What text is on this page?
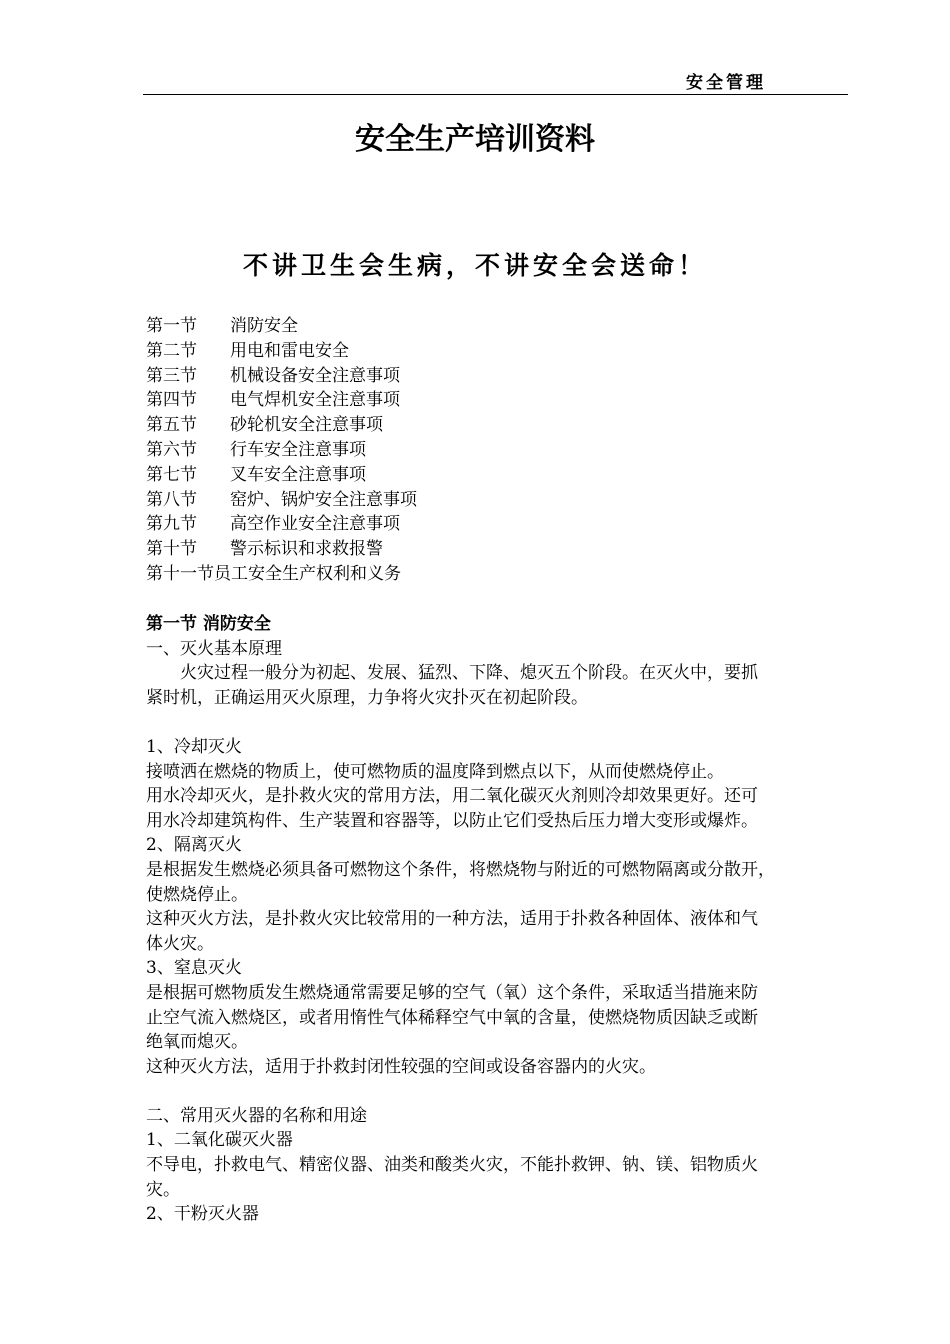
安全管理
安全生产培训资料
不讲卫生会生病，不讲安全会送命！
第一节 消防安全
第二节 用电和雷电安全
第三节 机械设备安全注意事项
第四节 电气焊机安全注意事项
第五节 砂轮机安全注意事项
第六节 行车安全注意事项
第七节 叉车安全注意事项
第八节 窑炉、锅炉安全注意事项
第九节 高空作业安全注意事项
第十节 警示标识和求救报警
第十一节员工安全生产权利和义务
第一节 消防安全
一、灭火基本原理
火灾过程一般分为初起、发展、猛烈、下降、熄灭五个阶段。在灭火中，要抓
紧时机，正确运用灭火原理，力争将火灾扑灭在初起阶段。
1、冷却灭火
接喷洒在燃烧的物质上，使可燃物质的温度降到燃点以下，从而使燃烧停止。
用水冷却灭火，是扑救火灾的常用方法，用二氧化碳灭火剂则冷却效果更好。还可
用水冷却建筑构件、生产装置和容器等，以防止它们受热后压力增大变形或爆炸。
2、隔离灭火
是根据发生燃烧必须具备可燃物这个条件，将燃烧物与附近的可燃物隔离或分散开，
使燃烧停止。
这种灭火方法，是扑救火灾比较常用的一种方法，适用于扑救各种固体、液体和气
体火灾。
3、窒息灭火
是根据可燃物质发生燃烧通常需要足够的空气（氧）这个条件，采取适当措施来防
止空气流入燃烧区，或者用惰性气体稀释空气中氧的含量，使燃烧物质因缺乏或断
绝氧而熄灭。
这种灭火方法，适用于扑救封闭性较强的空间或设备容器内的火灾。
二、常用灭火器的名称和用途
1、二氧化碳灭火器
不导电，扑救电气、精密仪器、油类和酸类火灾，不能扑救钾、钠、镁、铝物质火
灾。
2、干粉灭火器
